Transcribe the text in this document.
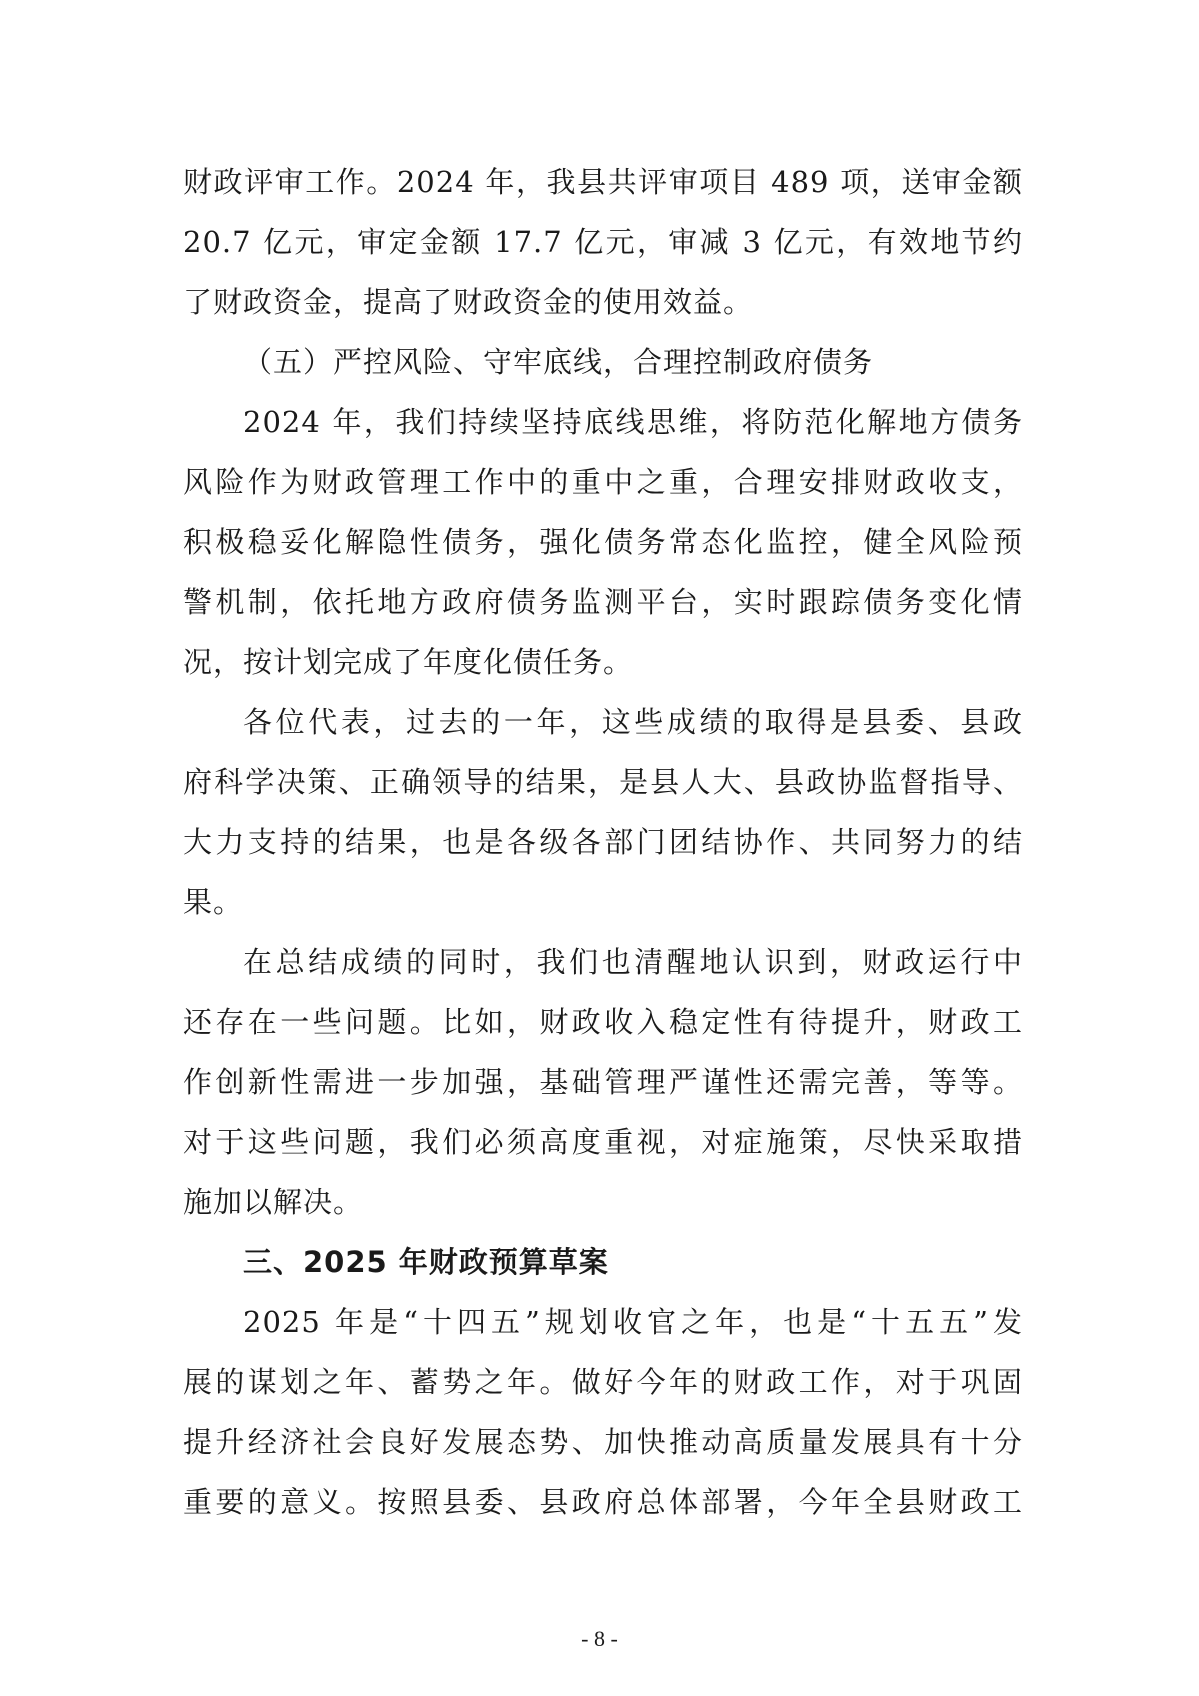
财政评审工作。2024 年，我县共评审项目 489 项，送审金额
20.7 亿元，审定金额 17.7 亿元，审减 3 亿元，有效地节约
了财政资金，提高了财政资金的使用效益。
（五）严控风险、守牢底线，合理控制政府债务
2024 年，我们持续坚持底线思维，将防范化解地方债务
风险作为财政管理工作中的重中之重，合理安排财政收支，
积极稳妥化解隐性债务，强化债务常态化监控，健全风险预
警机制，依托地方政府债务监测平台，实时跟踪债务变化情
况，按计划完成了年度化债任务。
各位代表，过去的一年，这些成绩的取得是县委、县政
府科学决策、正确领导的结果，是县人大、县政协监督指导、
大力支持的结果，也是各级各部门团结协作、共同努力的结
果。
在总结成绩的同时，我们也清醒地认识到，财政运行中
还存在一些问题。比如，财政收入稳定性有待提升，财政工
作创新性需进一步加强，基础管理严谨性还需完善，等等。
对于这些问题，我们必须高度重视，对症施策，尽快采取措
施加以解决。
三、2025 年财政预算草案
2025 年是“十四五”规划收官之年，也是“十五五”发
展的谋划之年、蓄势之年。做好今年的财政工作，对于巩固
提升经济社会良好发展态势、加快推动高质量发展具有十分
重要的意义。按照县委、县政府总体部署，今年全县财政工
- 8 -
